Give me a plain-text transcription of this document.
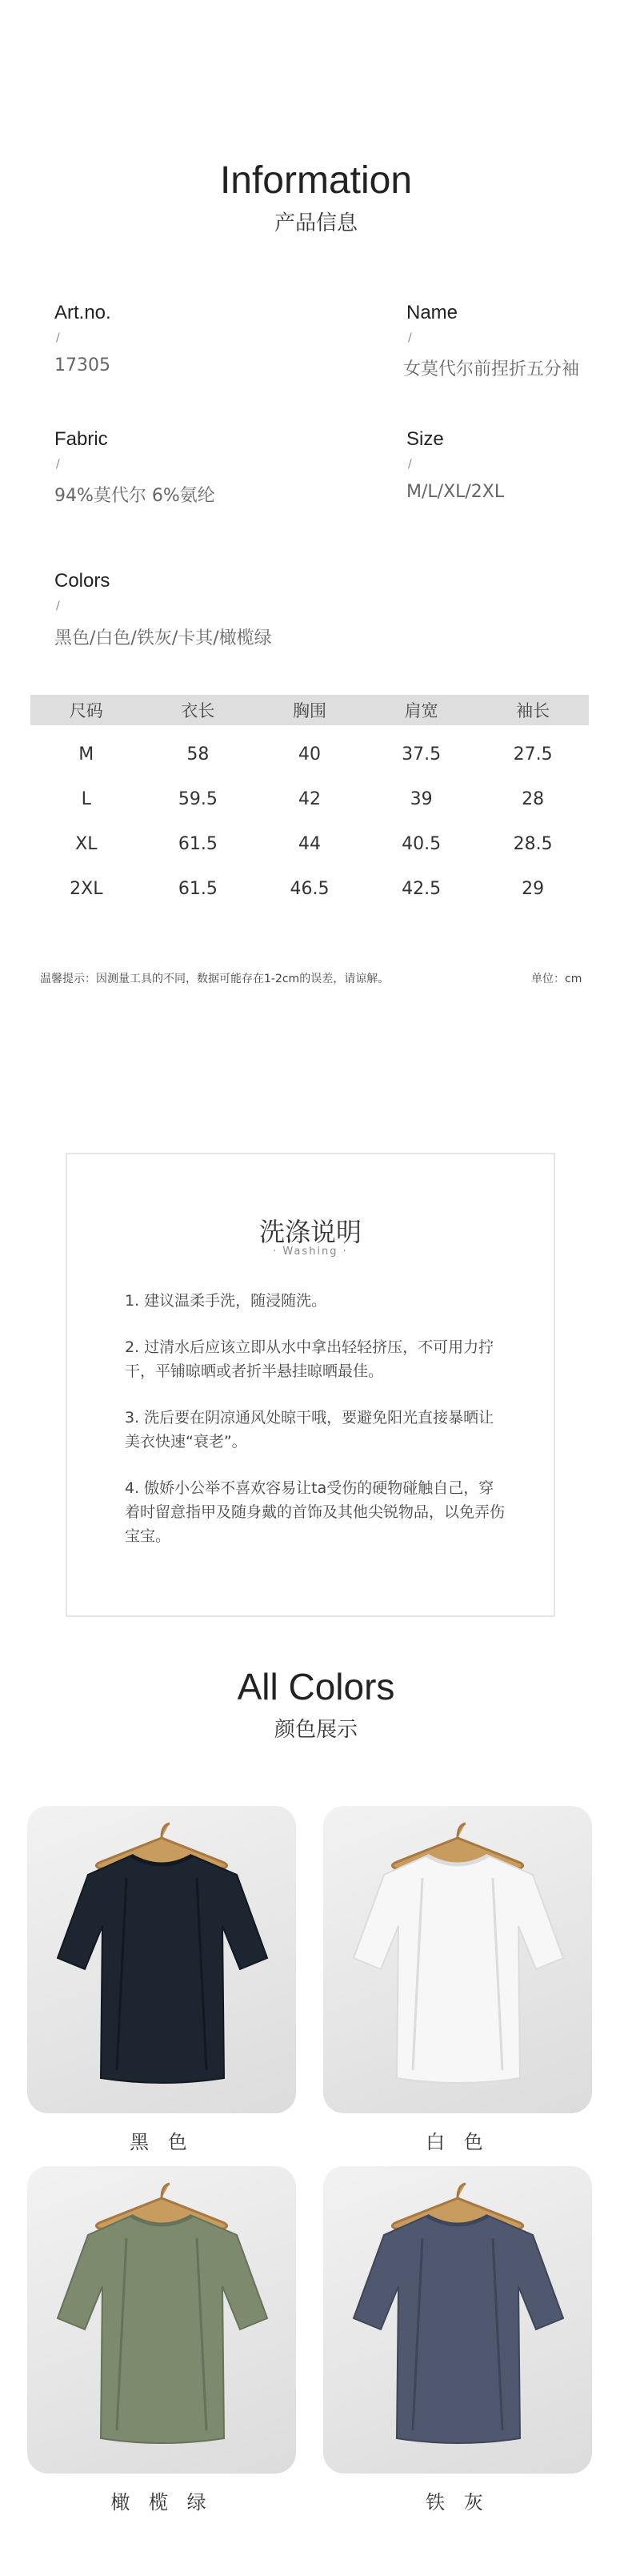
Information
产品信息
Art.no.
/
17305
Name
/
女莫代尔前捏折五分袖
Fabric
/
94%莫代尔 6%氨纶
Size
/
M/L/XL/2XL
Colors
/
黑色/白色/铁灰/卡其/橄榄绿
尺码	衣长	胸围	肩宽	袖长
M	58	40	37.5	27.5
L	59.5	42	39	28
XL	61.5	44	40.5	28.5
2XL	61.5	46.5	42.5	29
温馨提示：因测量工具的不同，数据可能存在1-2cm的误差，请谅解。	单位：cm
洗涤说明
· Washing ·
1. 建议温柔手洗，随浸随洗。
2. 过清水后应该立即从水中拿出轻轻挤压，不可用力拧干，平铺晾晒或者折半悬挂晾晒最佳。
3. 洗后要在阴凉通风处晾干哦，要避免阳光直接暴晒让美衣快速“衰老”。
4. 傲娇小公举不喜欢容易让ta受伤的硬物碰触自己，穿着时留意指甲及随身戴的首饰及其他尖锐物品，以免弄伤宝宝。
All Colors
颜色展示
黑 色	白 色
橄 榄 绿	铁 灰
